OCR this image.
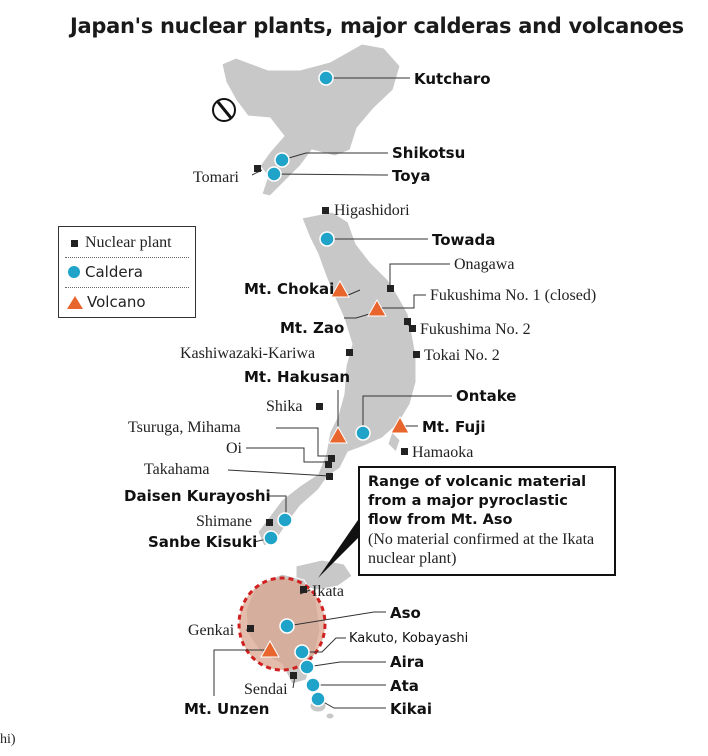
Japan's nuclear plants, major calderas and volcanoes
Kutcharo
Shikotsu
Toya
Towada
Ontake
Daisen Kurayoshi
Sanbe Kisuki
Aso
Kakuto, Kobayashi
Aira
Ata
Kikai
Mt. Chokai
Mt. Zao
Mt. Hakusan
Mt. Fuji
Mt. Unzen
Tomari
Higashidori
Onagawa
Fukushima No. 1 (closed)
Fukushima No. 2
Tokai No. 2
Kashiwazaki-Kariwa
Shika
Tsuruga, Mihama
Oi
Takahama
Hamaoka
Shimane
Ikata
Genkai
Sendai
Nuclear plant
Caldera
Volcano
Range of volcanic material from a major pyroclastic flow from Mt. Aso
(No material confirmed at the Ikata nuclear plant)
hi)
